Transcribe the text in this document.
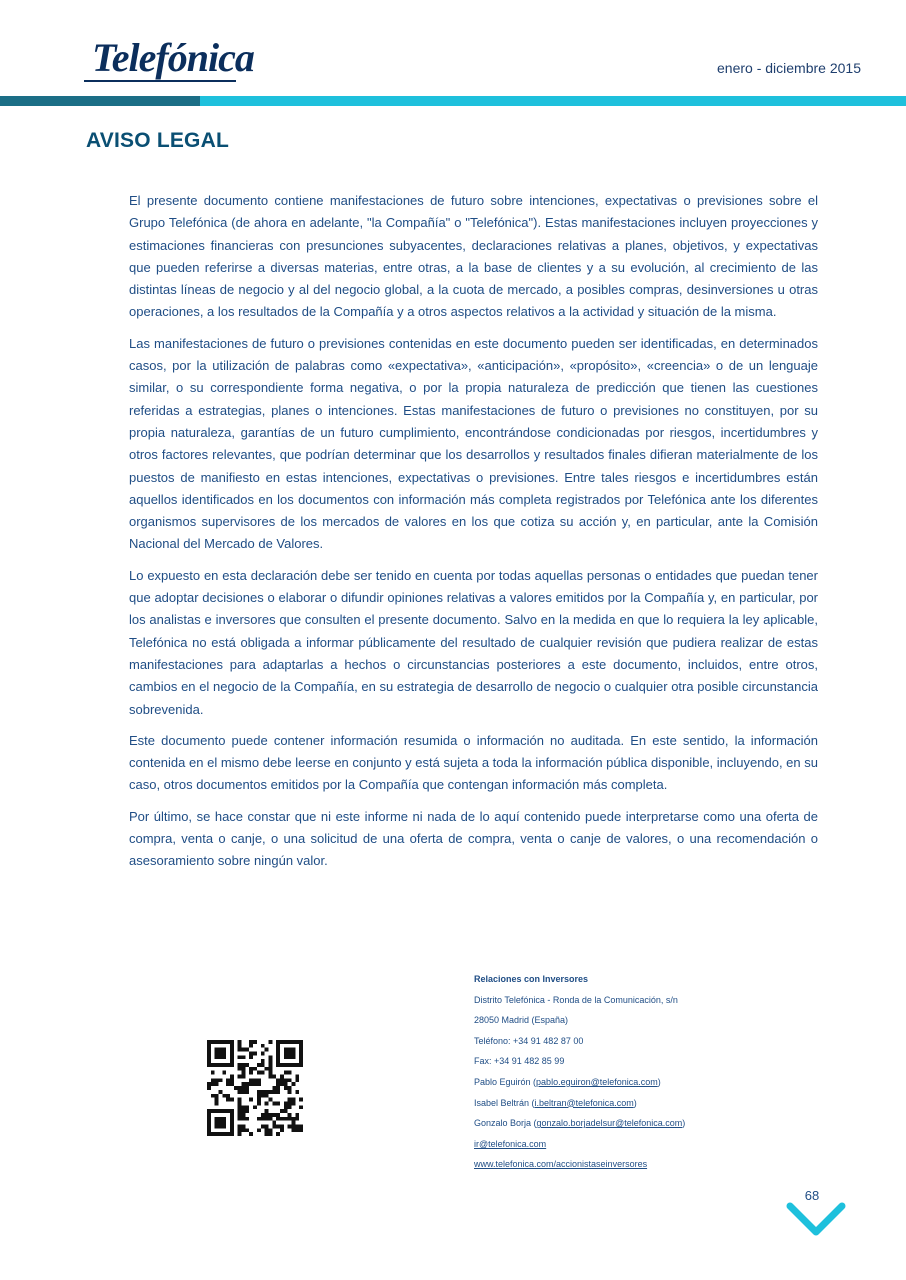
Telefónica	enero - diciembre 2015
AVISO LEGAL

El presente documento contiene manifestaciones de futuro sobre intenciones, expectativas o previsiones sobre el Grupo Telefónica (de ahora en adelante, "la Compañía" o "Telefónica"). Estas manifestaciones incluyen proyecciones y estimaciones financieras con presunciones subyacentes, declaraciones relativas a planes, objetivos, y expectativas que pueden referirse a diversas materias, entre otras, a la base de clientes y a su evolución, al crecimiento de las distintas líneas de negocio y al del negocio global, a la cuota de mercado, a posibles compras, desinversiones u otras operaciones, a los resultados de la Compañía y a otros aspectos relativos a la actividad y situación de la misma.

Las manifestaciones de futuro o previsiones contenidas en este documento pueden ser identificadas, en determinados casos, por la utilización de palabras como «expectativa», «anticipación», «propósito», «creencia» o de un lenguaje similar, o su correspondiente forma negativa, o por la propia naturaleza de predicción que tienen las cuestiones referidas a estrategias, planes o intenciones. Estas manifestaciones de futuro o previsiones no constituyen, por su propia naturaleza, garantías de un futuro cumplimiento, encontrándose condicionadas por riesgos, incertidumbres y otros factores relevantes, que podrían determinar que los desarrollos y resultados finales difieran materialmente de los puestos de manifiesto en estas intenciones, expectativas o previsiones. Entre tales riesgos e incertidumbres están aquellos identificados en los documentos con información más completa registrados por Telefónica ante los diferentes organismos supervisores de los mercados de valores en los que cotiza su acción y, en particular, ante la Comisión Nacional del Mercado de Valores.

Lo expuesto en esta declaración debe ser tenido en cuenta por todas aquellas personas o entidades que puedan tener que adoptar decisiones o elaborar o difundir opiniones relativas a valores emitidos por la Compañía y, en particular, por los analistas e inversores que consulten el presente documento. Salvo en la medida en que lo requiera la ley aplicable, Telefónica no está obligada a informar públicamente del resultado de cualquier revisión que pudiera realizar de estas manifestaciones para adaptarlas a hechos o circunstancias posteriores a este documento, incluidos, entre otros, cambios en el negocio de la Compañía, en su estrategia de desarrollo de negocio o cualquier otra posible circunstancia sobrevenida.

Este documento puede contener información resumida o información no auditada. En este sentido, la información contenida en el mismo debe leerse en conjunto y está sujeta a toda la información pública disponible, incluyendo, en su caso, otros documentos emitidos por la Compañía que contengan información más completa.

Por último, se hace constar que ni este informe ni nada de lo aquí contenido puede interpretarse como una oferta de compra, venta o canje, o una solicitud de una oferta de compra, venta o canje de valores, o una recomendación o asesoramiento sobre ningún valor.

Relaciones con Inversores
Distrito Telefónica - Ronda de la Comunicación, s/n
28050 Madrid (España)
Teléfono: +34 91 482 87 00
Fax: +34 91 482 85 99
Pablo Eguirón (pablo.eguiron@telefonica.com)
Isabel Beltrán (i.beltran@telefonica.com)
Gonzalo Borja (gonzalo.borjadelsur@telefonica.com)
ir@telefonica.com
www.telefonica.com/accionistaseinversores
68
